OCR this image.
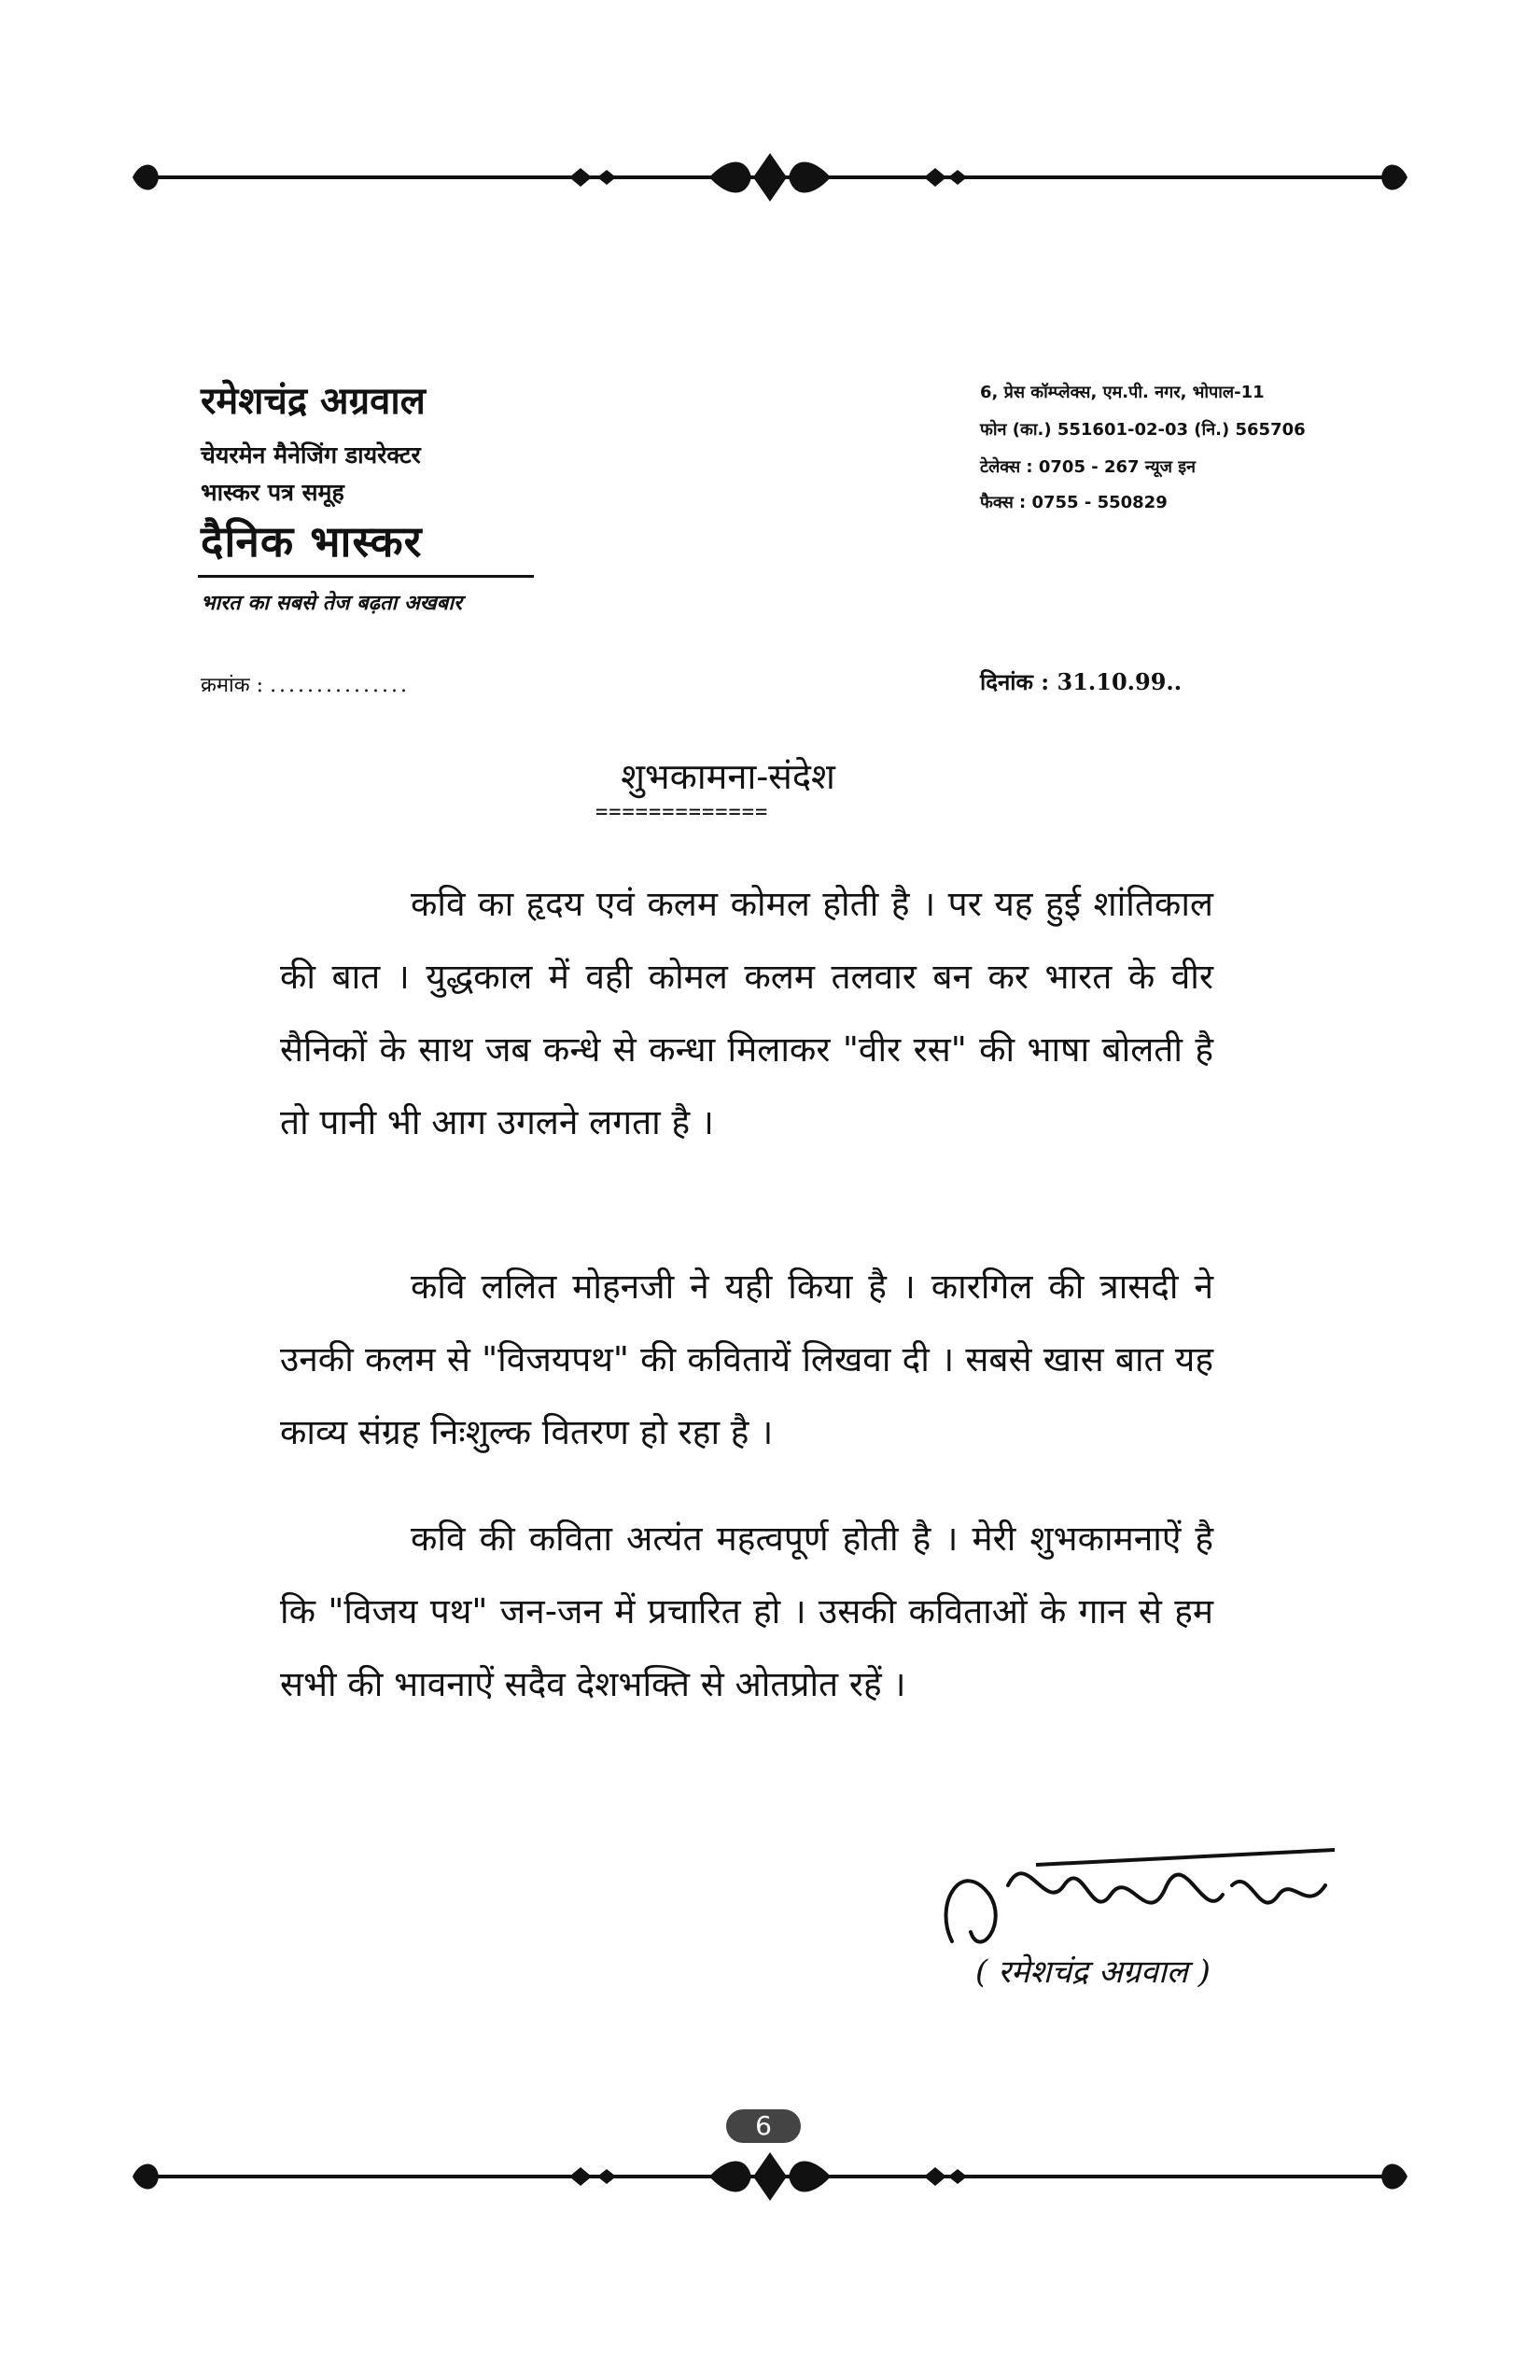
रमेशचंद्र अग्रवाल
चेयरमेन मैनेजिंग डायरेक्टर
भास्कर पत्र समूह
दैनिक भास्कर
भारत का सबसे तेज बढ़ता अखबार
6, प्रेस कॉम्प्लेक्स, एम.पी. नगर, भोपाल-11
फोन (का.) 551601-02-03 (नि.) 565706
टेलेक्स : 0705 - 267 न्यूज इन
फैक्स : 0755 - 550829
क्रमांक : ...............	दिनांक : 31.10.99..
शुभकामना-संदेश
=============
कवि का हृदय एवं कलम कोमल होती है । पर यह हुई शांतिकाल की बात । युद्धकाल में वही कोमल कलम तलवार बन कर भारत के वीर सैनिकों के साथ जब कन्धे से कन्धा मिलाकर "वीर रस" की भाषा बोलती है तो पानी भी आग उगलने लगता है ।
कवि ललित मोहनजी ने यही किया है । कारगिल की त्रासदी ने उनकी कलम से "विजयपथ" की कवितायें लिखवा दी । सबसे खास बात यह काव्य संग्रह निःशुल्क वितरण हो रहा है ।
कवि की कविता अत्यंत महत्वपूर्ण होती है । मेरी शुभकामनाऐं है कि "विजय पथ" जन-जन में प्रचारित हो । उसकी कविताओं के गान से हम सभी की भावनाऐं सदैव देशभक्ति से ओतप्रोत रहें ।
( रमेशचंद्र अग्रवाल )
6
